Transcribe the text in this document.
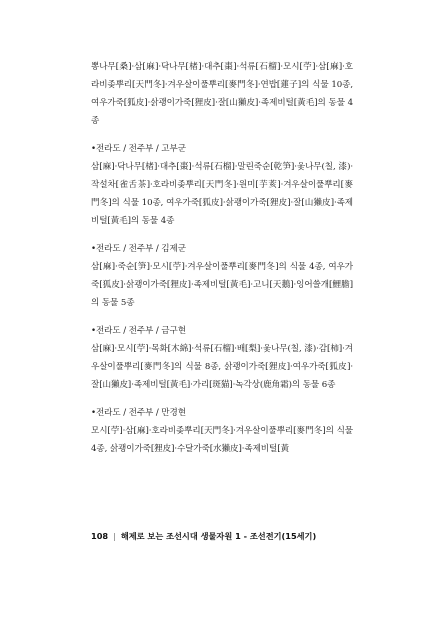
뽕나무[桑]·삼[麻]·닥나무[楮]·대추[棗]·석류[石榴]·모시[苧]·삼[麻]·호라비좆뿌리[天門冬]·겨우살이풀뿌리[麥門冬]·연밥[蓮子]의 식물 10종, 여우가죽[狐皮]·삵괭이가죽[狸皮]·잘[山獺皮]·족제비털[黃毛]의 동물 4종

•전라도 / 전주부 / 고부군

삼[麻]·닥나무[楮]·대추[棗]·석류[石榴]·말린죽순[乾笋]·옻나무(칠, 漆)·작설차[雀舌茶]·호라비좆뿌리[天門冬]·원미[芋荄]·겨우살이풀뿌리[麥門冬]의 식물 10종, 여우가죽[狐皮]·삵괭이가죽[狸皮]·잘[山獺皮]·족제비털[黃毛]의 동물 4종

•전라도 / 전주부 / 김제군

삼[麻]·죽순[笋]·모시[苧]·겨우살이풀뿌리[麥門冬]의 식물 4종, 여우가죽[狐皮]·삵괭이가죽[狸皮]·족제비털[黃毛]·고니[天鵝]·잉어쓸개[鯉膽]의 동물 5종

•전라도 / 전주부 / 금구현

삼[麻]·모시[苧]·목화[木綿]·석류[石榴]·배[梨]·옻나무(칠, 漆)·감[柿]·겨우살이풀뿌리[麥門冬]의 식물 8종, 삵괭이가죽[狸皮]·여우가죽[狐皮]·잘[山獺皮]·족제비털[黃毛]·가리[斑猫]·녹각상(鹿角霜)의 동물 6종

•전라도 / 전주부 / 만경현

모시[苧]·삼[麻]·호라비좆뿌리[天門冬]·겨우살이풀뿌리[麥門冬]의 식물 4종, 삵괭이가죽[狸皮]·수달가죽[水獺皮]·족제비털[黃

108 | 해제로 보는 조선시대 생물자원 1 - 조선전기(15세기)
